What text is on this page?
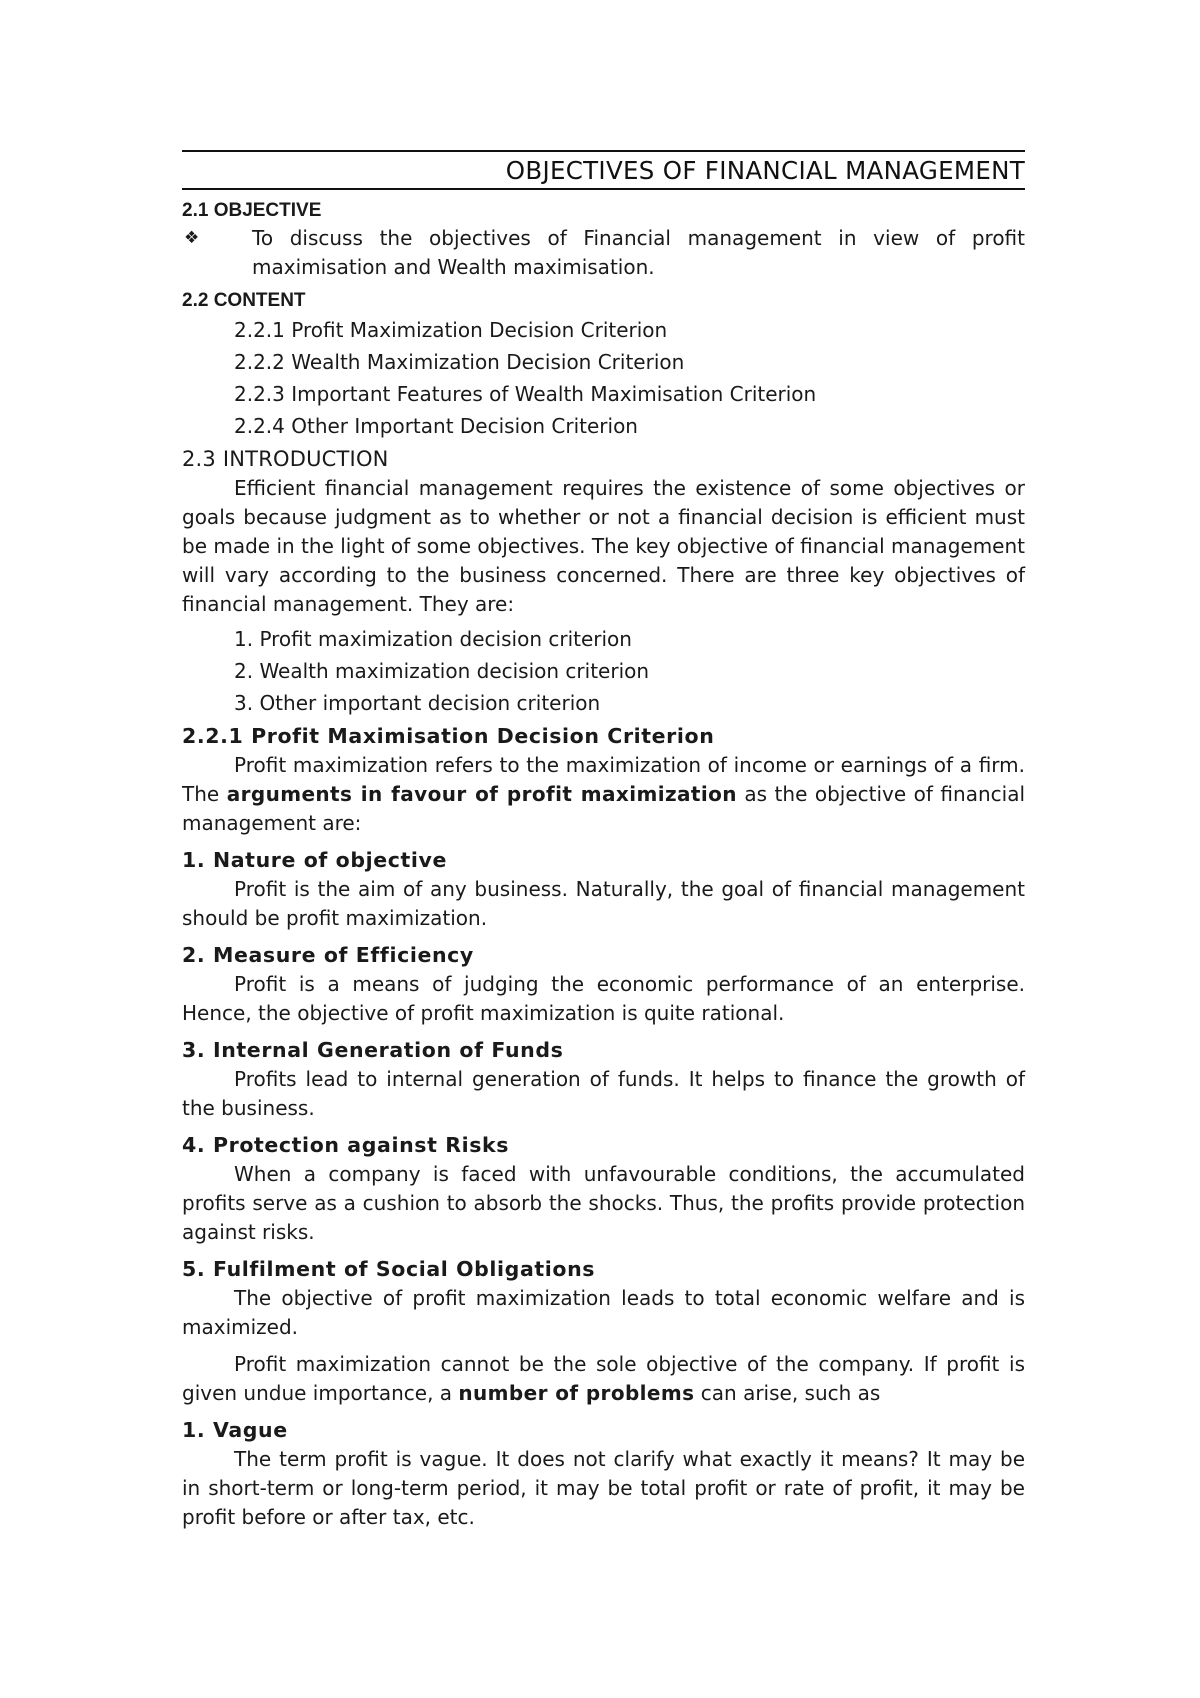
OBJECTIVES OF FINANCIAL MANAGEMENT
2.1 OBJECTIVE
❖	To discuss the objectives of Financial management in view of profit maximisation and Wealth maximisation.
2.2 CONTENT
2.2.1 Profit Maximization Decision Criterion
2.2.2 Wealth Maximization Decision Criterion
2.2.3 Important Features of Wealth Maximisation Criterion
2.2.4 Other Important Decision Criterion
2.3 INTRODUCTION

Efficient financial management requires the existence of some objectives or goals because judgment as to whether or not a financial decision is efficient must be made in the light of some objectives. The key objective of financial management will vary according to the business concerned. There are three key objectives of financial management. They are:

1. Profit maximization decision criterion
2. Wealth maximization decision criterion
3. Other important decision criterion
2.2.1 Profit Maximisation Decision Criterion

Profit maximization refers to the maximization of income or earnings of a firm. The arguments in favour of profit maximization as the objective of financial management are:

1. Nature of objective

Profit is the aim of any business. Naturally, the goal of financial management should be profit maximization.

2. Measure of Efficiency

Profit is a means of judging the economic performance of an enterprise. Hence, the objective of profit maximization is quite rational.

3. Internal Generation of Funds

Profits lead to internal generation of funds. It helps to finance the growth of the business.

4. Protection against Risks

When a company is faced with unfavourable conditions, the accumulated profits serve as a cushion to absorb the shocks. Thus, the profits provide protection against risks.

5. Fulfilment of Social Obligations

The objective of profit maximization leads to total economic welfare and is maximized.

Profit maximization cannot be the sole objective of the company. If profit is given undue importance, a number of problems can arise, such as

1. Vague

The term profit is vague. It does not clarify what exactly it means? It may be in short-term or long-term period, it may be total profit or rate of profit, it may be profit before or after tax, etc.
